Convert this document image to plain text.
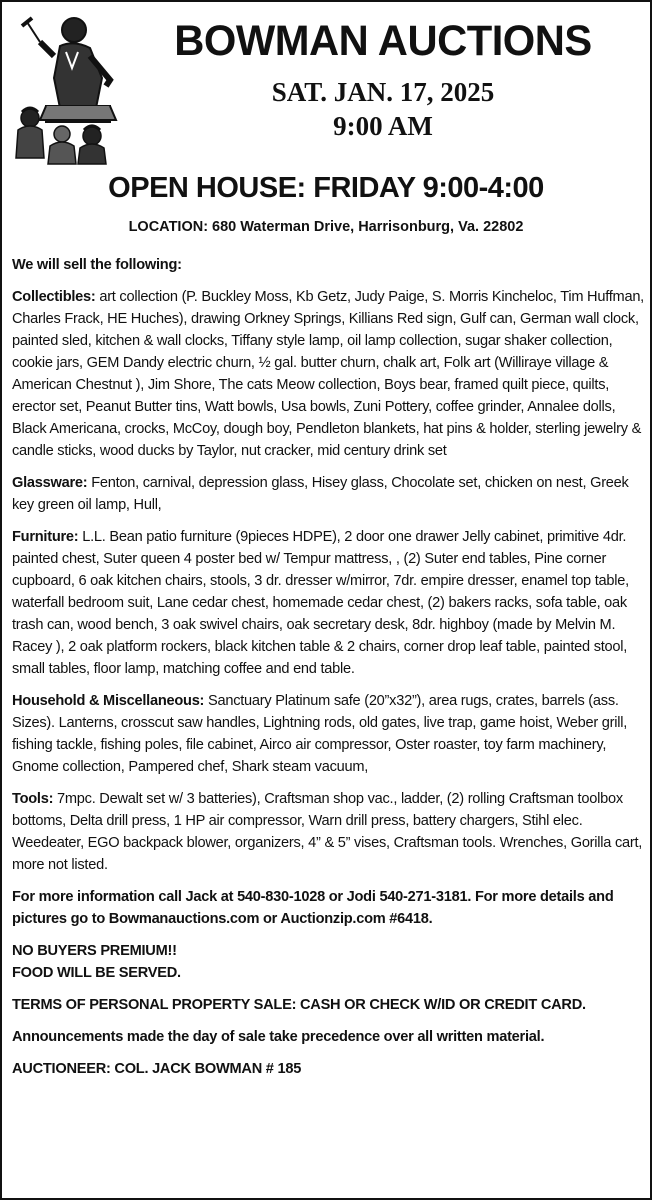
BOWMAN AUCTIONS
SAT. JAN. 17, 2025
9:00 AM
OPEN HOUSE: FRIDAY 9:00-4:00
LOCATION: 680 Waterman Drive, Harrisonburg, Va. 22802

We will sell the following:

Collectibles: art collection (P. Buckley Moss, Kb Getz, Judy Paige, S. Morris Kincheloc, Tim Huffman, Charles Frack, HE Huches), drawing Orkney Springs, Killians Red sign, Gulf can, German wall clock, painted sled, kitchen & wall clocks, Tiffany style lamp, oil lamp collection, sugar shaker collection, cookie jars, GEM Dandy electric churn, ½ gal. butter churn, chalk art, Folk art (Williraye village & American Chestnut ), Jim Shore, The cats Meow collection, Boys bear, framed quilt piece, quilts, erector set, Peanut Butter tins, Watt bowls, Usa bowls, Zuni Pottery, coffee grinder, Annalee dolls, Black Americana, crocks, McCoy, dough boy, Pendleton blankets, hat pins & holder, sterling jewelry & candle sticks, wood ducks by Taylor, nut cracker, mid century drink set

Glassware: Fenton, carnival, depression glass, Hisey glass, Chocolate set, chicken on nest, Greek key green oil lamp, Hull,

Furniture: L.L. Bean patio furniture (9pieces HDPE), 2 door one drawer Jelly cabinet, primitive 4dr. painted chest, Suter queen 4 poster bed w/ Tempur mattress, , (2) Suter end tables, Pine corner cupboard, 6 oak kitchen chairs, stools, 3 dr. dresser w/mirror, 7dr. empire dresser, enamel top table, waterfall bedroom suit, Lane cedar chest, homemade cedar chest, (2) bakers racks, sofa table, oak trash can, wood bench, 3 oak swivel chairs, oak secretary desk, 8dr. highboy (made by Melvin M. Racey ), 2 oak platform rockers, black kitchen table & 2 chairs, corner drop leaf table, painted stool, small tables, floor lamp, matching coffee and end table.

Household & Miscellaneous: Sanctuary Platinum safe (20”x32”), area rugs, crates, barrels (ass. Sizes). Lanterns, crosscut saw handles, Lightning rods, old gates, live trap, game hoist, Weber grill, fishing tackle, fishing poles, file cabinet, Airco air compressor, Oster roaster, toy farm machinery, Gnome collection, Pampered chef, Shark steam vacuum,

Tools: 7mpc. Dewalt set w/ 3 batteries), Craftsman shop vac., ladder, (2) rolling Craftsman toolbox bottoms, Delta drill press, 1 HP air compressor, Warn drill press, battery chargers, Stihl elec. Weedeater, EGO backpack blower, organizers, 4” & 5” vises, Craftsman tools. Wrenches, Gorilla cart, more not listed.

For more information call Jack at 540-830-1028 or Jodi 540-271-3181. For more details and pictures go to Bowmanauctions.com or Auctionzip.com #6418.

NO BUYERS PREMIUM!!
FOOD WILL BE SERVED.

TERMS OF PERSONAL PROPERTY SALE: CASH OR CHECK W/ID OR CREDIT CARD.

Announcements made the day of sale take precedence over all written material.

AUCTIONEER: COL. JACK BOWMAN # 185
